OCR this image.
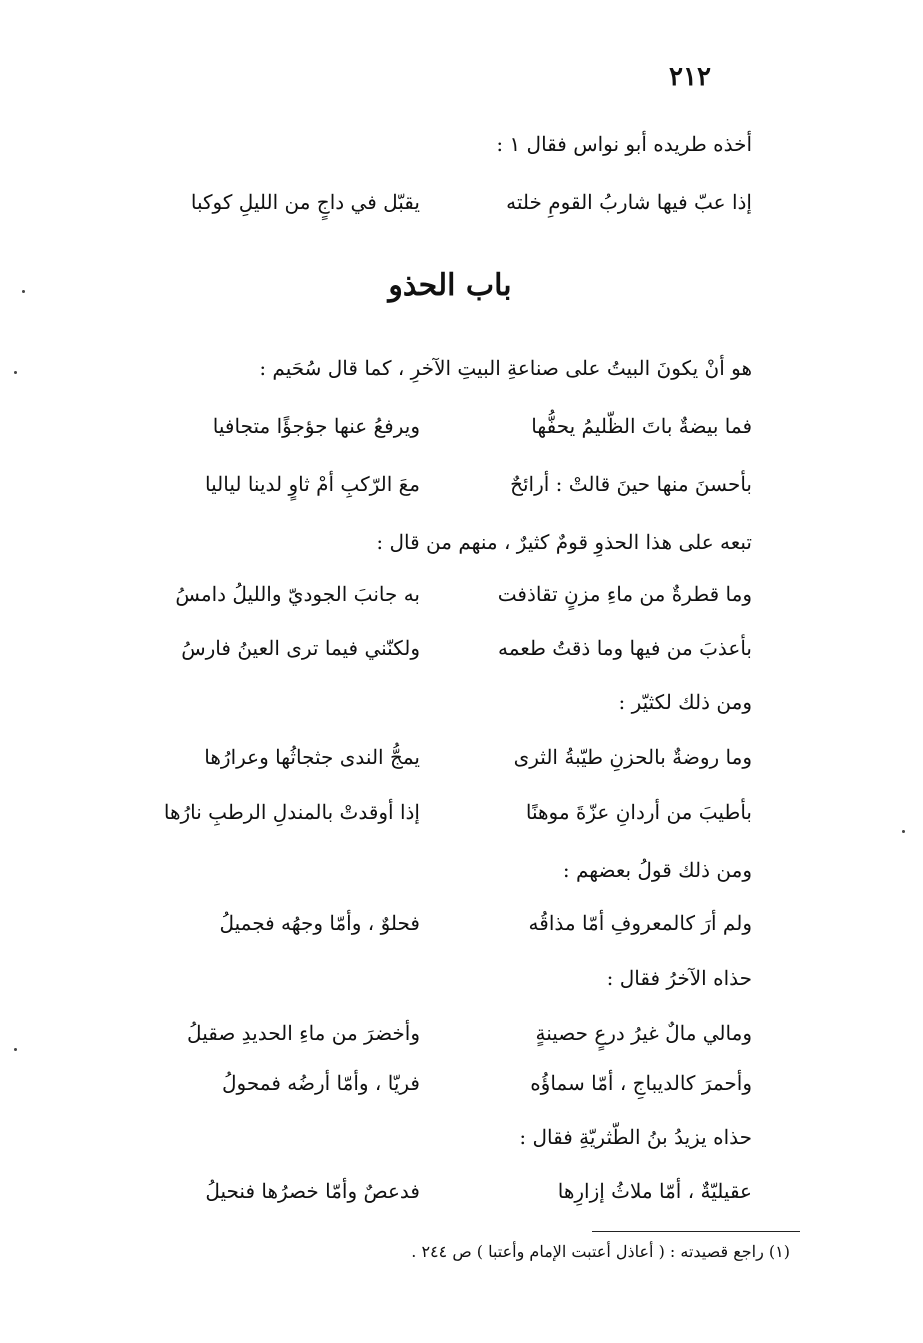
٢١٢
أخذه طريده أبو نواس فقال ١ :
إذا عبّ فيها شاربُ القومِ خلته
يقبّل في داجٍ من الليلِ كوكبا
باب الحذو
هو أنْ يكونَ البيتُ على صناعةِ البيتِ الآخرِ ، كما قال سُحَيم :
فما بيضةٌ باتَ الظّليمُ يحفُّها
ويرفعُ عنها جؤجؤًا متجافيا
بأحسنَ منها حينَ قالتْ : أرائحٌ
معَ الرّكبِ أمْ ثاوٍ لدينا لياليا
تبعه على هذا الحذوِ قومٌ كثيرٌ ، منهم من قال :
وما قطرةٌ من ماءِ مزنٍ تقاذفت
به جانبَ الجوديّ والليلُ دامسُ
بأعذبَ من فيها وما ذقتُ طعمه
ولكنّني فيما ترى العينُ فارسُ
ومن ذلك لكثيّر :
وما روضةٌ بالحزنِ طيّبةُ الثرى
يمجُّ الندى جثجاثُها وعرارُها
بأطيبَ من أردانِ عزّةَ موهنًا
إذا أوقدتْ بالمندلِ الرطبِ نارُها
ومن ذلك قولُ بعضهم :
ولم أرَ كالمعروفِ أمّا مذاقُه
فحلوٌ ، وأمّا وجهُه فجميلُ
حذاه الآخرُ فقال :
ومالي مالٌ غيرُ درعٍ حصينةٍ
وأخضرَ من ماءِ الحديدِ صقيلُ
وأحمرَ كالديباجِ ، أمّا سماؤُه
فريّا ، وأمّا أرضُه فمحولُ
حذاه يزيدُ بنُ الطّثريّةِ فقال :
عقيليّةٌ ، أمّا ملاثُ إزارِها
فدعصٌ وأمّا خصرُها فنحيلُ
(١) راجع قصيدته : ( أعاذل أعتبت الإمام وأعتبا ) ص ٢٤٤ .
